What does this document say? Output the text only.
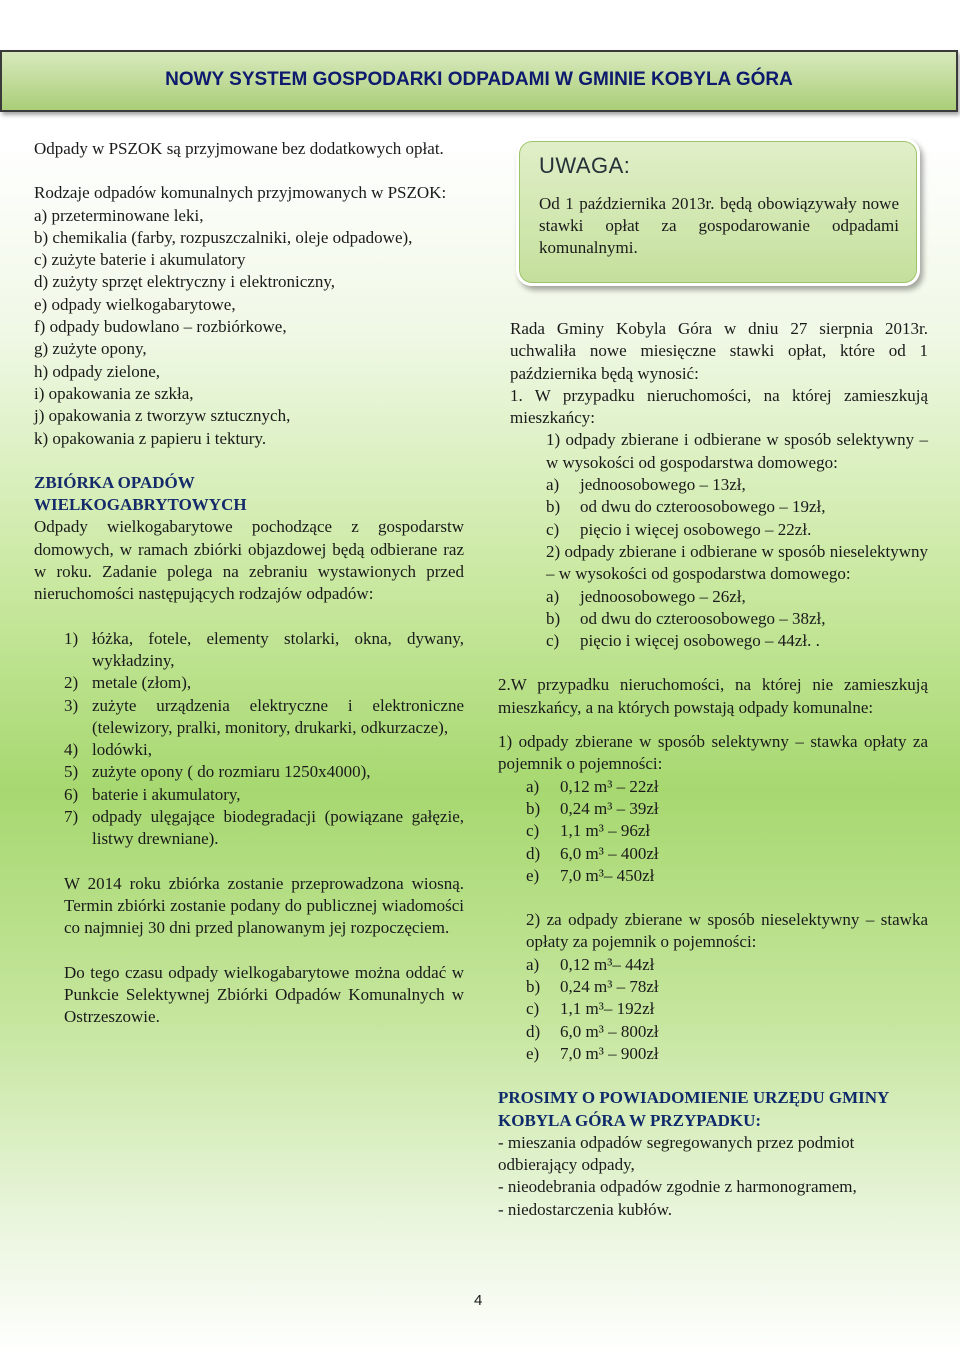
NOWY SYSTEM GOSPODARKI ODPADAMI W GMINIE KOBYLA GÓRA

Odpady w PSZOK są przyjmowane bez dodatkowych opłat.

Rodzaje odpadów komunalnych przyjmowanych w PSZOK:

a) przeterminowane leki,

b) chemikalia (farby, rozpuszczalniki, oleje odpadowe),

c) zużyte baterie i akumulatory

d) zużyty sprzęt elektryczny i elektroniczny,

e) odpady wielkogabarytowe,

f) odpady budowlano – rozbiórkowe,

g) zużyte opony,

h) odpady zielone,

i) opakowania ze szkła,

j) opakowania z tworzyw sztucznych,

k) opakowania z papieru i tektury.

ZBIÓRKA OPADÓW WIELKOGABRYTOWYCH

Odpady wielkogabarytowe pochodzące z gospodarstw domowych, w ramach zbiórki objazdowej będą odbierane raz w roku. Zadanie polega na zebraniu wystawionych przed nieruchomości następujących rodzajów odpadów:

1) łóżka, fotele, elementy stolarki, okna, dywany, wykładziny,
2) metale (złom),
3) zużyte urządzenia elektryczne i elektroniczne (telewizory, pralki, monitory, drukarki, odkurzacze),
4) lodówki,
5) zużyte opony ( do rozmiaru 1250x4000),
6) baterie i akumulatory,
7) odpady ulęgające biodegradacji (powiązane gałęzie, listwy drewniane).

W 2014 roku zbiórka zostanie przeprowadzona wiosną. Termin zbiórki zostanie podany do publicznej wiadomości co najmniej 30 dni przed planowanym jej rozpoczęciem.

Do tego czasu odpady wielkogabarytowe można oddać w Punkcie Selektywnej Zbiórki Odpadów Komunalnych w Ostrzeszowie.

UWAGA:
Od 1 października 2013r. będą obowiązywały nowe stawki opłat za gospodarowanie odpadami komunalnymi.

Rada Gminy Kobyla Góra w dniu 27 sierpnia 2013r. uchwaliła nowe miesięczne stawki opłat, które od 1 października będą wynosić:

1. W przypadku nieruchomości, na której zamieszkują mieszkańcy:

1) odpady zbierane i odbierane w sposób selektywny – w wysokości od gospodarstwa domowego:

a)	jednoosobowego – 13zł,
b)	od dwu do czteroosobowego – 19zł,
c)	pięcio i więcej osobowego – 22zł.

2) odpady zbierane i odbierane w sposób nieselektywny – w wysokości od gospodarstwa domowego:

a)	jednoosobowego – 26zł,
b)	od dwu do czteroosobowego – 38zł,
c)	pięcio i więcej osobowego – 44zł. .

2.W przypadku nieruchomości, na której nie zamieszkują mieszkańcy, a na których powstają odpady komunalne:

1) odpady zbierane w sposób selektywny – stawka opłaty za pojemnik o pojemności:

a)	0,12 m³ – 22zł
b)	0,24 m³ – 39zł
c)	1,1 m³ – 96zł
d)	6,0 m³ – 400zł
e)	7,0 m³– 450zł

2) za odpady zbierane w sposób nieselektywny – stawka opłaty za pojemnik o pojemności:

a)	0,12 m³– 44zł
b)	0,24 m³ – 78zł
c)	1,1 m³– 192zł
d)	6,0 m³ – 800zł
e)	7,0 m³ – 900zł

PROSIMY O POWIADOMIENIE URZĘDU GMINY KOBYLA GÓRA W PRZYPADKU:

- mieszania odpadów segregowanych przez podmiot odbierający odpady,

- nieodebrania odpadów zgodnie z harmonogramem,

- niedostarczenia kubłów.

4
